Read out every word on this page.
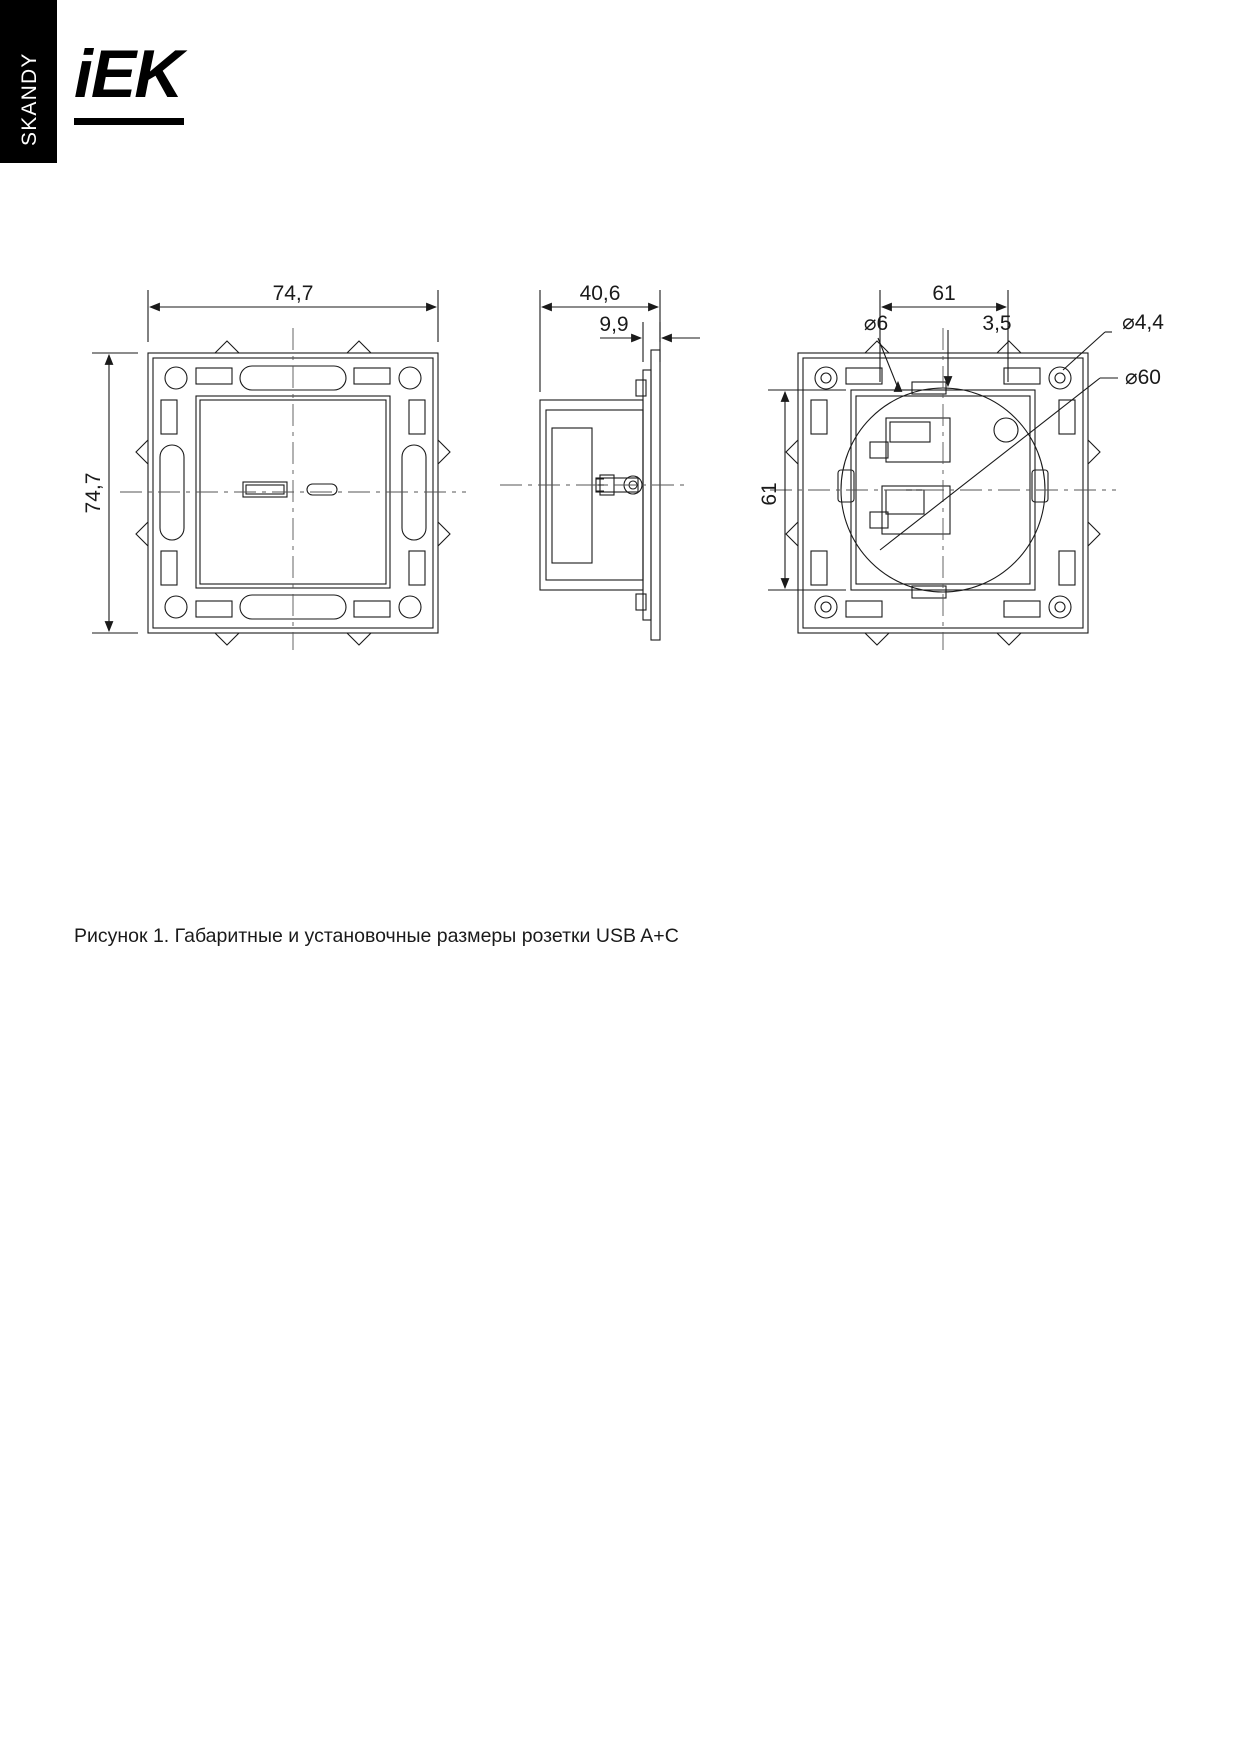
SKANDY iEK
74,7
74,7
40,6
9,9
61
61
⌀6	3,5	⌀4,4
⌀60
Рисунок 1. Габаритные и установочные размеры розетки USB A+C
